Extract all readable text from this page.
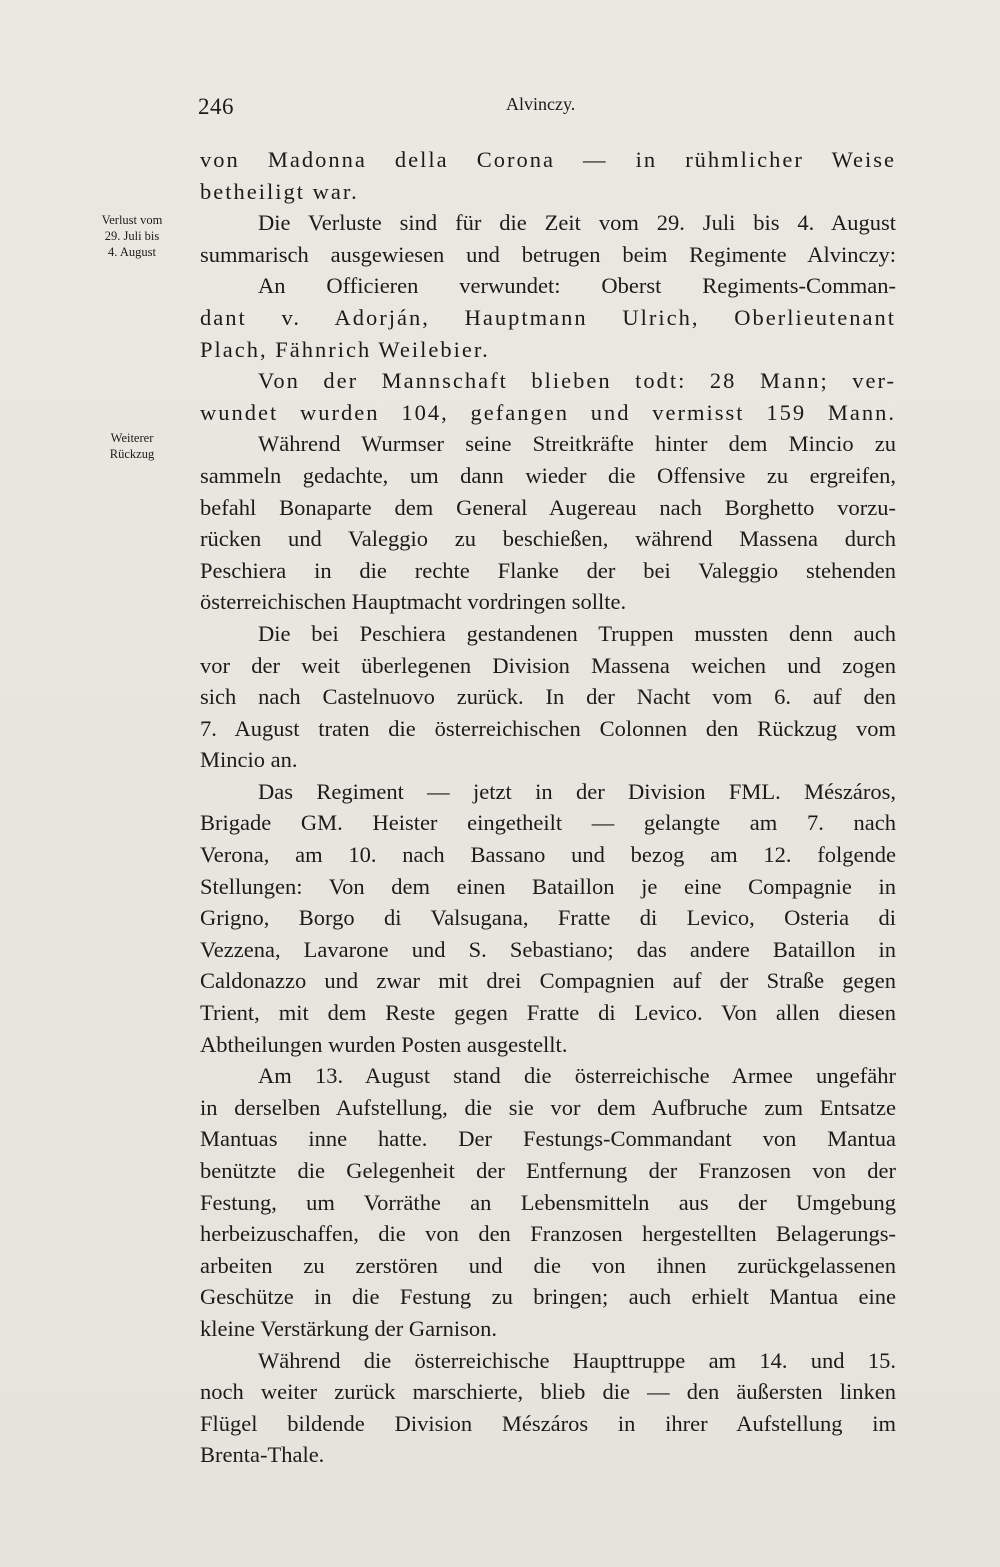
246	Alvinczy.
Verlust vom
29. Juli bis
4. August
Weiterer
Rückzug
von Madonna della Corona — in rühmlicher Weise
betheiligt war.
Die Verluste sind für die Zeit vom 29. Juli bis 4. August
summarisch ausgewiesen und betrugen beim Regimente Alvinczy:
An Officieren verwundet: Oberst Regiments-Comman-
dant v. Adorján, Hauptmann Ulrich, Oberlieutenant
Plach, Fähnrich Weilebier.
Von der Mannschaft blieben todt: 28 Mann; ver-
wundet wurden 104, gefangen und vermisst 159 Mann.
Während Wurmser seine Streitkräfte hinter dem Mincio zu
sammeln gedachte, um dann wieder die Offensive zu ergreifen,
befahl Bonaparte dem General Augereau nach Borghetto vorzu-
rücken und Valeggio zu beschießen, während Massena durch
Peschiera in die rechte Flanke der bei Valeggio stehenden
österreichischen Hauptmacht vordringen sollte.
Die bei Peschiera gestandenen Truppen mussten denn auch
vor der weit überlegenen Division Massena weichen und zogen
sich nach Castelnuovo zurück. In der Nacht vom 6. auf den
7. August traten die österreichischen Colonnen den Rückzug vom
Mincio an.
Das Regiment — jetzt in der Division FML. Mészáros,
Brigade GM. Heister eingetheilt — gelangte am 7. nach
Verona, am 10. nach Bassano und bezog am 12. folgende
Stellungen: Von dem einen Bataillon je eine Compagnie in
Grigno, Borgo di Valsugana, Fratte di Levico, Osteria di
Vezzena, Lavarone und S. Sebastiano; das andere Bataillon in
Caldonazzo und zwar mit drei Compagnien auf der Straße gegen
Trient, mit dem Reste gegen Fratte di Levico. Von allen diesen
Abtheilungen wurden Posten ausgestellt.
Am 13. August stand die österreichische Armee ungefähr
in derselben Aufstellung, die sie vor dem Aufbruche zum Entsatze
Mantuas inne hatte. Der Festungs-Commandant von Mantua
benützte die Gelegenheit der Entfernung der Franzosen von der
Festung, um Vorräthe an Lebensmitteln aus der Umgebung
herbeizuschaffen, die von den Franzosen hergestellten Belagerungs-
arbeiten zu zerstören und die von ihnen zurückgelassenen
Geschütze in die Festung zu bringen; auch erhielt Mantua eine
kleine Verstärkung der Garnison.
Während die österreichische Haupttruppe am 14. und 15.
noch weiter zurück marschierte, blieb die — den äußersten linken
Flügel bildende Division Mészáros in ihrer Aufstellung im
Brenta-Thale.
